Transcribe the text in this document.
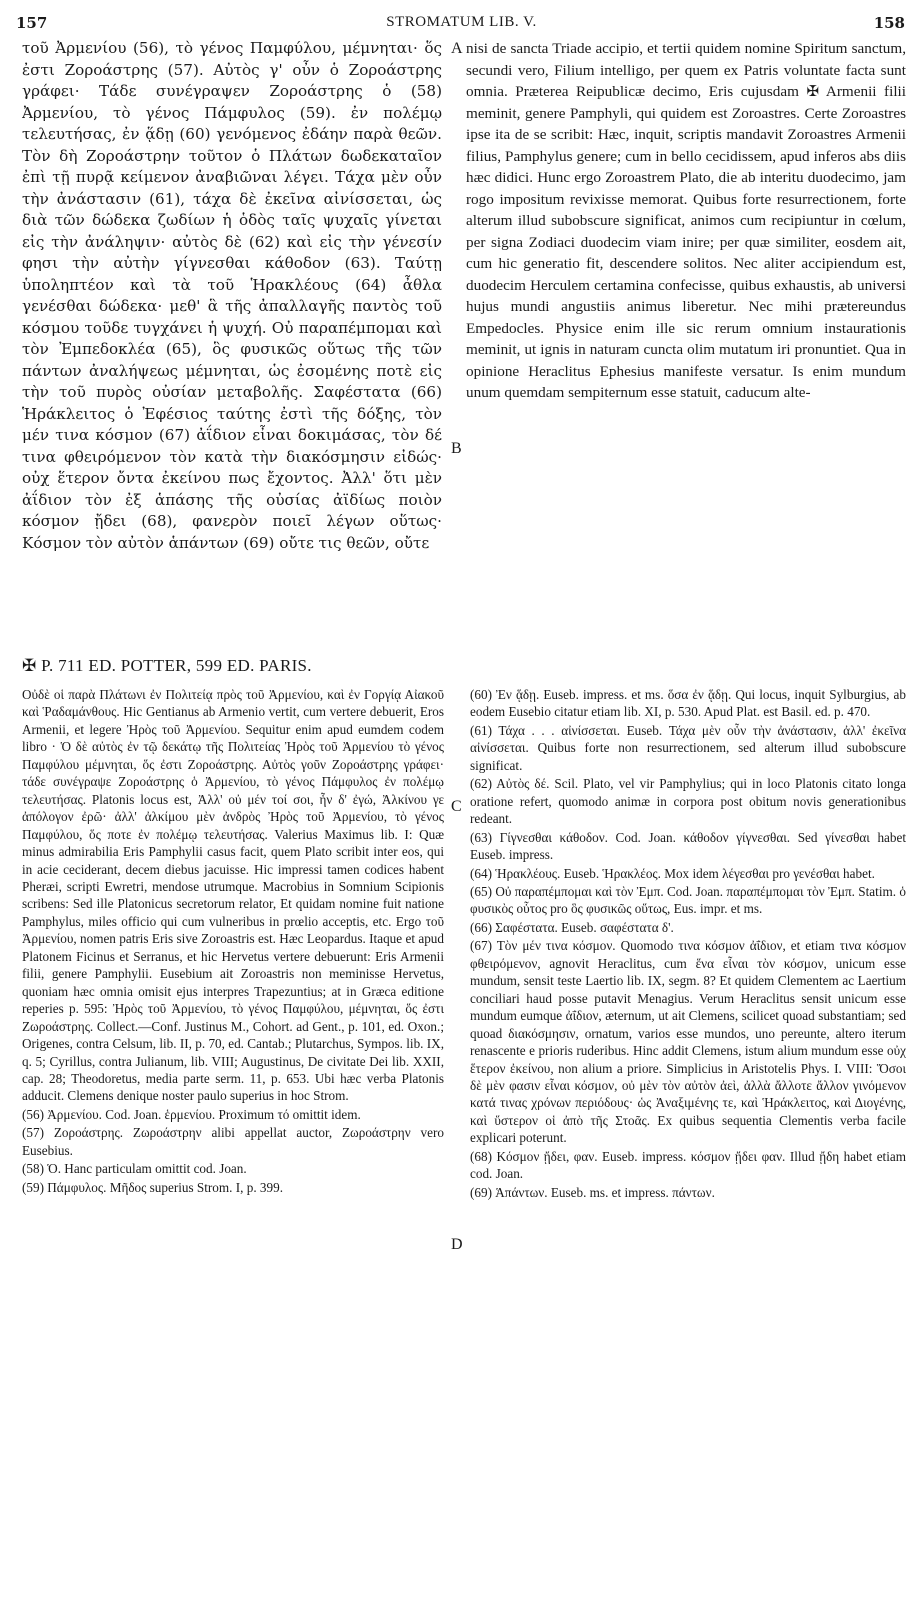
157	STROMATUM LIB. V.	158

τοῦ Ἀρμενίου (56), τὸ γένος Παμφύλου, μέμνηται· ὅς ἐστι Ζοροάστρης (57). Αὐτὸς γ' οὖν ὁ Ζοροάστρης γράφει· Τάδε συνέγραψεν Ζοροάστρης ὁ (58) Ἀρμενίου, τὸ γένος Πάμφυλος (59). ἐν πολέμῳ τελευτήσας, ἐν ᾅδῃ (60) γενόμενος ἐδάην παρὰ θεῶν. Τὸν δὴ Ζοροάστρην τοῦτον ὁ Πλάτων δωδεκαταῖον ἐπὶ τῇ πυρᾷ κείμενον ἀναβιῶναι λέγει. Τάχα μὲν οὖν τὴν ἀνάστασιν (61), τάχα δὲ ἐκεῖνα αἰνίσσεται, ὡς διὰ τῶν δώδεκα ζωδίων ἡ ὁδὸς ταῖς ψυχαῖς γίνεται εἰς τὴν ἀνάληψιν· αὐτὸς δὲ (62) καὶ εἰς τὴν γένεσίν φησι τὴν αὐτὴν γίγνεσθαι κάθοδον (63). Ταύτῃ ὑποληπτέον καὶ τὰ τοῦ Ἡρακλέους (64) ἆθλα γενέσθαι δώδεκα· μεθ' ἃ τῆς ἀπαλλαγῆς παντὸς τοῦ κόσμου τοῦδε τυγχάνει ἡ ψυχή. Οὐ παραπέμπομαι καὶ τὸν Ἐμπεδοκλέα (65), ὃς φυσικῶς οὕτως τῆς τῶν πάντων ἀναλήψεως μέμνηται, ὡς ἐσομένης ποτὲ εἰς τὴν τοῦ πυρὸς οὐσίαν μεταβολῆς. Σαφέστατα (66) Ἡράκλειτος ὁ Ἐφέσιος ταύτης ἐστὶ τῆς δόξης, τὸν μέν τινα κόσμον (67) ἀΐδιον εἶναι δοκιμάσας, τὸν δέ τινα φθειρόμενον τὸν κατὰ τὴν διακόσμησιν εἰδώς· οὐχ ἕτερον ὄντα ἐκείνου πως ἔχοντος. Ἀλλ' ὅτι μὲν ἀΐδιον τὸν ἐξ ἁπάσης τῆς οὐσίας ἀϊδίως ποιὸν κόσμον ᾔδει (68), φανερὸν ποιεῖ λέγων οὕτως· Κόσμον τὸν αὐτὸν ἁπάντων (69) οὔτε τις θεῶν, οὔτε

A
B
C
D

nisi de sancta Triade accipio, et tertii quidem nomine Spiritum sanctum, secundi vero, Filium intelligo, per quem ex Patris voluntate facta sunt omnia. Præterea Reipublicæ decimo, Eris cujusdam ✠ Armenii filii meminit, genere Pamphyli, qui quidem est Zoroastres. Certe Zoroastres ipse ita de se scribit: Hæc, inquit, scriptis mandavit Zoroastres Armenii filius, Pamphylus genere; cum in bello cecidissem, apud inferos abs diis hæc didici. Hunc ergo Zoroastrem Plato, die ab interitu duodecimo, jam rogo impositum revixisse memorat. Quibus forte resurrectionem, forte alterum illud subobscure significat, animos cum recipiuntur in cœlum, per signa Zodiaci duodecim viam inire; per quæ similiter, eosdem ait, cum hic generatio fit, descendere solitos. Nec aliter accipiendum est, duodecim Herculem certamina confecisse, quibus exhaustis, ab universi hujus mundi angustiis animus liberetur. Nec mihi prætereundus Empedocles. Physice enim ille sic rerum omnium instaurationis meminit, ut ignis in naturam cuncta olim mutatum iri pronuntiet. Qua in opinione Heraclitus Ephesius manifeste versatur. Is enim mundum unum quemdam sempiternum esse statuit, caducum alte-

✠ P. 711 ED. POTTER, 599 ED. PARIS.

Οὐδὲ οἱ παρὰ Πλάτωνι ἐν Πολιτείᾳ πρὸς τοῦ Ἀρμενίου, καὶ ἐν Γοργίᾳ Αἰακοῦ καὶ Ῥαδαμάνθους. Hic Gentianus ab Armenio vertit, cum vertere debuerit, Eros Armenii, et legere Ἠρὸς τοῦ Ἀρμενίου. Sequitur enim apud eumdem codem libro · Ὁ δὲ αὐτὸς ἐν τῷ δεκάτῳ τῆς Πολιτείας Ἠρὸς τοῦ Ἀρμενίου τὸ γένος Παμφύλου μέμνηται, ὅς ἐστι Ζοροάστρης. Αὐτὸς γοῦν Ζοροάστρης γράφει· τάδε συνέγραψε Ζοροάστρης ὁ Ἀρμενίου, τὸ γένος Πάμφυλος ἐν πολέμῳ τελευτήσας. Platonis locus est, Ἀλλ' οὐ μέν τοί σοι, ἦν δ' ἐγώ, Ἀλκίνου γε ἀπόλογον ἐρῶ· ἀλλ' ἀλκίμου μὲν ἀνδρὸς Ἠρὸς τοῦ Ἀρμενίου, τὸ γένος Παμφύλου, ὅς ποτε ἐν πολέμῳ τελευτήσας. Valerius Maximus lib. I: Quæ minus admirabilia Eris Pamphylii casus facit, quem Plato scribit inter eos, qui in acie ceciderant, decem diebus jacuisse. Hic impressi tamen codices habent Pheræi, scripti Ewretri, mendose utrumque. Macrobius in Somnium Scipionis scribens: Sed ille Platonicus secretorum relator, Et quidam nomine fuit natione Pamphylus, miles officio qui cum vulneribus in prœlio acceptis, etc. Ergo τοῦ Ἀρμενίου, nomen patris Eris sive Zoroastris est. Hæc Leopardus. Itaque et apud Platonem Ficinus et Serranus, et hic Hervetus vertere debuerunt: Eris Armenii filii, genere Pamphylii. Eusebium ait Zoroastris non meminisse Hervetus, quoniam hæc omnia omisit ejus interpres Trapezuntius; at in Græca editione reperies p. 595: Ἠρὸς τοῦ Ἀρμενίου, τὸ γένος Παμφύλου, μέμνηται, ὅς ἐστι Ζωροάστρης. Collect.—Conf. Justinus M., Cohort. ad Gent., p. 101, ed. Oxon.; Origenes, contra Celsum, lib. II, p. 70, ed. Cantab.; Plutarchus, Sympos. lib. IX, q. 5; Cyrillus, contra Julianum, lib. VIII; Augustinus, De civitate Dei lib. XXII, cap. 28; Theodoretus, media parte serm. 11, p. 653. Ubi hæc verba Platonis adducit. Clemens denique noster paulo superius in hoc Strom.

(56) Ἀρμενίου. Cod. Joan. ἑρμενίου. Proximum τό omittit idem.

(57) Ζοροάστρης. Ζωροάστρην alibi appellat auctor, Ζωροάστρην vero Eusebius.

(58) Ὁ. Hanc particulam omittit cod. Joan.

(59) Πάμφυλος. Μῆδος superius Strom. I, p. 399.

(60) Ἐν ᾅδῃ. Euseb. impress. et ms. ὅσα ἐν ᾅδῃ. Qui locus, inquit Sylburgius, ab eodem Eusebio citatur etiam lib. XI, p. 530. Apud Plat. est Basil. ed. p. 470.

(61) Τάχα . . . αἰνίσσεται. Euseb. Τάχα μὲν οὖν τὴν ἀνάστασιν, ἀλλ' ἐκεῖνα αἰνίσσεται. Quibus forte non resurrectionem, sed alterum illud subobscure significat.

(62) Αὐτὸς δέ. Scil. Plato, vel vir Pamphylius; qui in loco Platonis citato longa oratione refert, quomodo animæ in corpora post obitum novis generationibus redeant.

(63) Γίγνεσθαι κάθοδον. Cod. Joan. κάθοδον γίγνεσθαι. Sed γίνεσθαι habet Euseb. impress.

(64) Ἡρακλέους. Euseb. Ἡρακλέος. Mox idem λέγεσθαι pro γενέσθαι habet.

(65) Οὐ παραπέμπομαι καὶ τὸν Ἐμπ. Cod. Joan. παραπέμπομαι τὸν Ἐμπ. Statim. ὁ φυσικὸς οὗτος pro ὃς φυσικῶς οὕτως, Eus. impr. et ms.

(66) Σαφέστατα. Euseb. σαφέστατα δ'.

(67) Τὸν μέν τινα κόσμον. Quomodo τινα κόσμον ἀΐδιον, et etiam τινα κόσμον φθειρόμενον, agnovit Heraclitus, cum ἕνα εἶναι τὸν κόσμον, unicum esse mundum, sensit teste Laertio lib. IX, segm. 8? Et quidem Clementem ac Laertium conciliari haud posse putavit Menagius. Verum Heraclitus sensit unicum esse mundum eumque ἀΐδιον, æternum, ut ait Clemens, scilicet quoad substantiam; sed quoad διακόσμησιν, ornatum, varios esse mundos, uno pereunte, altero iterum renascente e prioris ruderibus. Hinc addit Clemens, istum alium mundum esse οὐχ ἕτερον ἐκείνου, non alium a priore. Simplicius in Aristotelis Phys. I. VIII: Ὅσοι δὲ μὲν φασιν εἶναι κόσμον, οὐ μὲν τὸν αὐτὸν ἀεὶ, ἀλλὰ ἄλλοτε ἄλλον γινόμενον κατά τινας χρόνων περιόδους· ὡς Ἀναξιμένης τε, καὶ Ἡράκλειτος, καὶ Διογένης, καὶ ὕστερον οἱ ἀπὸ τῆς Στοᾶς. Ex quibus sequentia Clementis verba facile explicari poterunt.

(68) Κόσμον ᾔδει, φαν. Euseb. impress. κόσμον ᾔδει φαν. Illud ᾔδη habet etiam cod. Joan.

(69) Ἁπάντων. Euseb. ms. et impress. πάντων.
